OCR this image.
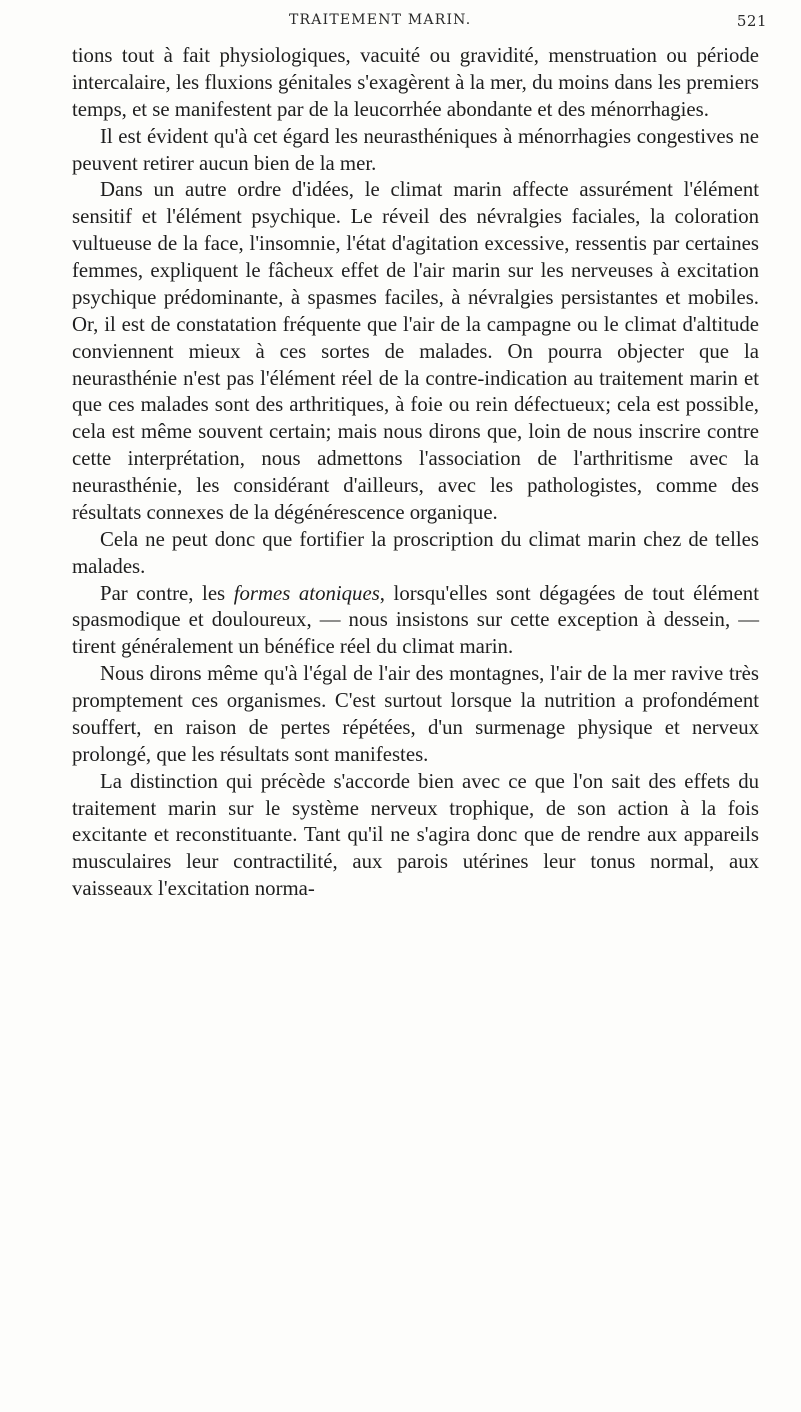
TRAITEMENT MARIN.	521

tions tout à fait physiologiques, vacuité ou gravidité, menstruation ou période intercalaire, les fluxions génitales s'exagèrent à la mer, du moins dans les premiers temps, et se manifestent par de la leucorrhée abondante et des ménorrhagies.

Il est évident qu'à cet égard les neurasthéniques à ménorrhagies congestives ne peuvent retirer aucun bien de la mer.

Dans un autre ordre d'idées, le climat marin affecte assurément l'élément sensitif et l'élément psychique. Le réveil des névralgies faciales, la coloration vultueuse de la face, l'insomnie, l'état d'agitation excessive, ressentis par certaines femmes, expliquent le fâcheux effet de l'air marin sur les nerveuses à excitation psychique prédominante, à spasmes faciles, à névralgies persistantes et mobiles. Or, il est de constatation fréquente que l'air de la campagne ou le climat d'altitude conviennent mieux à ces sortes de malades. On pourra objecter que la neurasthénie n'est pas l'élément réel de la contre-indication au traitement marin et que ces malades sont des arthritiques, à foie ou rein défectueux; cela est possible, cela est même souvent certain; mais nous dirons que, loin de nous inscrire contre cette interprétation, nous admettons l'association de l'arthritisme avec la neurasthénie, les considérant d'ailleurs, avec les pathologistes, comme des résultats connexes de la dégénérescence organique.

Cela ne peut donc que fortifier la proscription du climat marin chez de telles malades.

Par contre, les formes atoniques, lorsqu'elles sont dégagées de tout élément spasmodique et douloureux, — nous insistons sur cette exception à dessein, — tirent généralement un bénéfice réel du climat marin.

Nous dirons même qu'à l'égal de l'air des montagnes, l'air de la mer ravive très promptement ces organismes. C'est surtout lorsque la nutrition a profondément souffert, en raison de pertes répétées, d'un surmenage physique et nerveux prolongé, que les résultats sont manifestes.

La distinction qui précède s'accorde bien avec ce que l'on sait des effets du traitement marin sur le système nerveux trophique, de son action à la fois excitante et reconstituante. Tant qu'il ne s'agira donc que de rendre aux appareils musculaires leur contractilité, aux parois utérines leur tonus normal, aux vaisseaux l'excitation norma-
